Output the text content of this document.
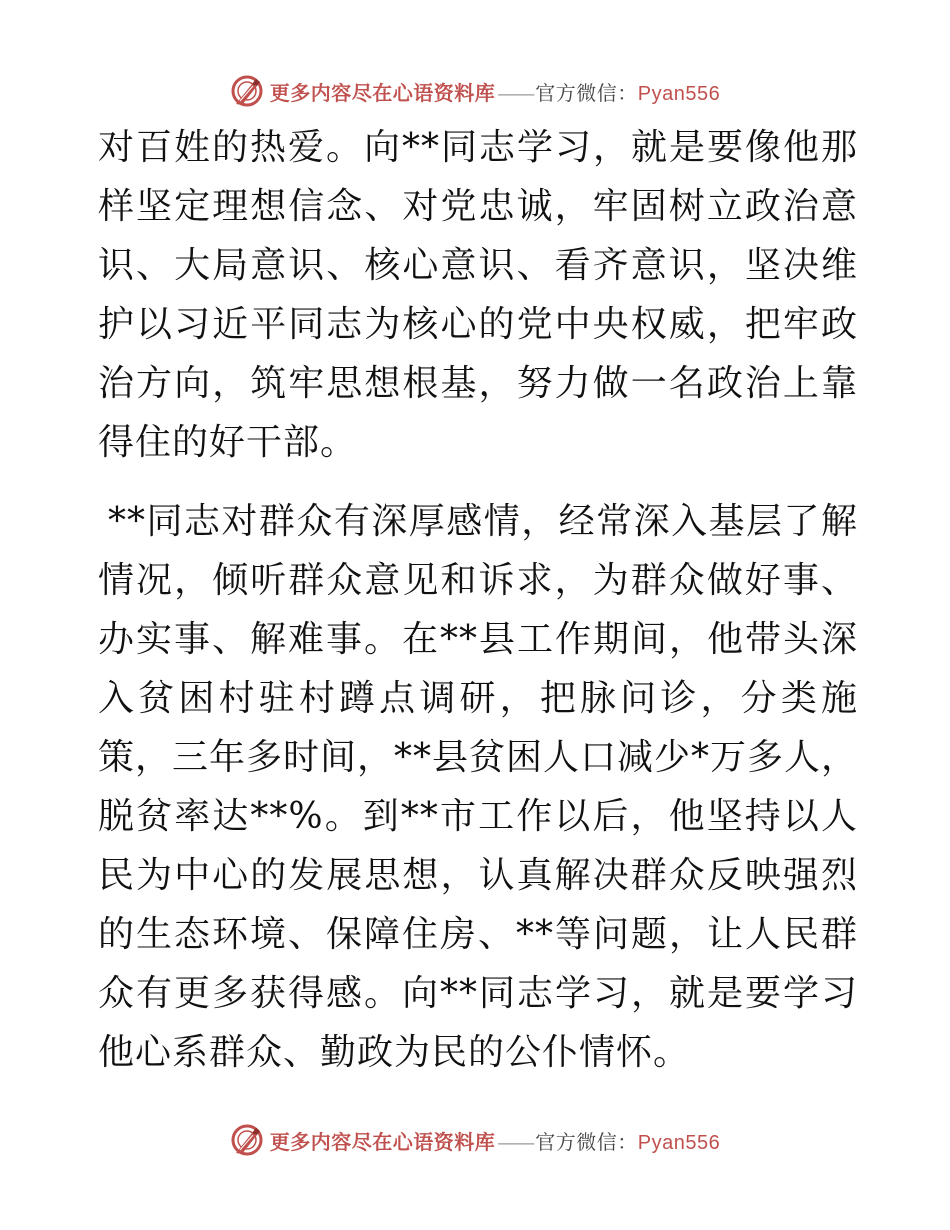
更多内容尽在心语资料库 —— 官方微信：Pyan556

对百姓的热爱。向**同志学习，就是要像他那样坚定理想信念、对党忠诚，牢固树立政治意识、大局意识、核心意识、看齐意识，坚决维护以习近平同志为核心的党中央权威，把牢政治方向，筑牢思想根基，努力做一名政治上靠得住的好干部。

**同志对群众有深厚感情，经常深入基层了解情况，倾听群众意见和诉求，为群众做好事、办实事、解难事。在**县工作期间，他带头深入贫困村驻村蹲点调研，把脉问诊，分类施策，三年多时间，**县贫困人口减少*万多人，脱贫率达**%。到**市工作以后，他坚持以人民为中心的发展思想，认真解决群众反映强烈的生态环境、保障住房、**等问题，让人民群众有更多获得感。向**同志学习，就是要学习他心系群众、勤政为民的公仆情怀。

更多内容尽在心语资料库 —— 官方微信：Pyan556
